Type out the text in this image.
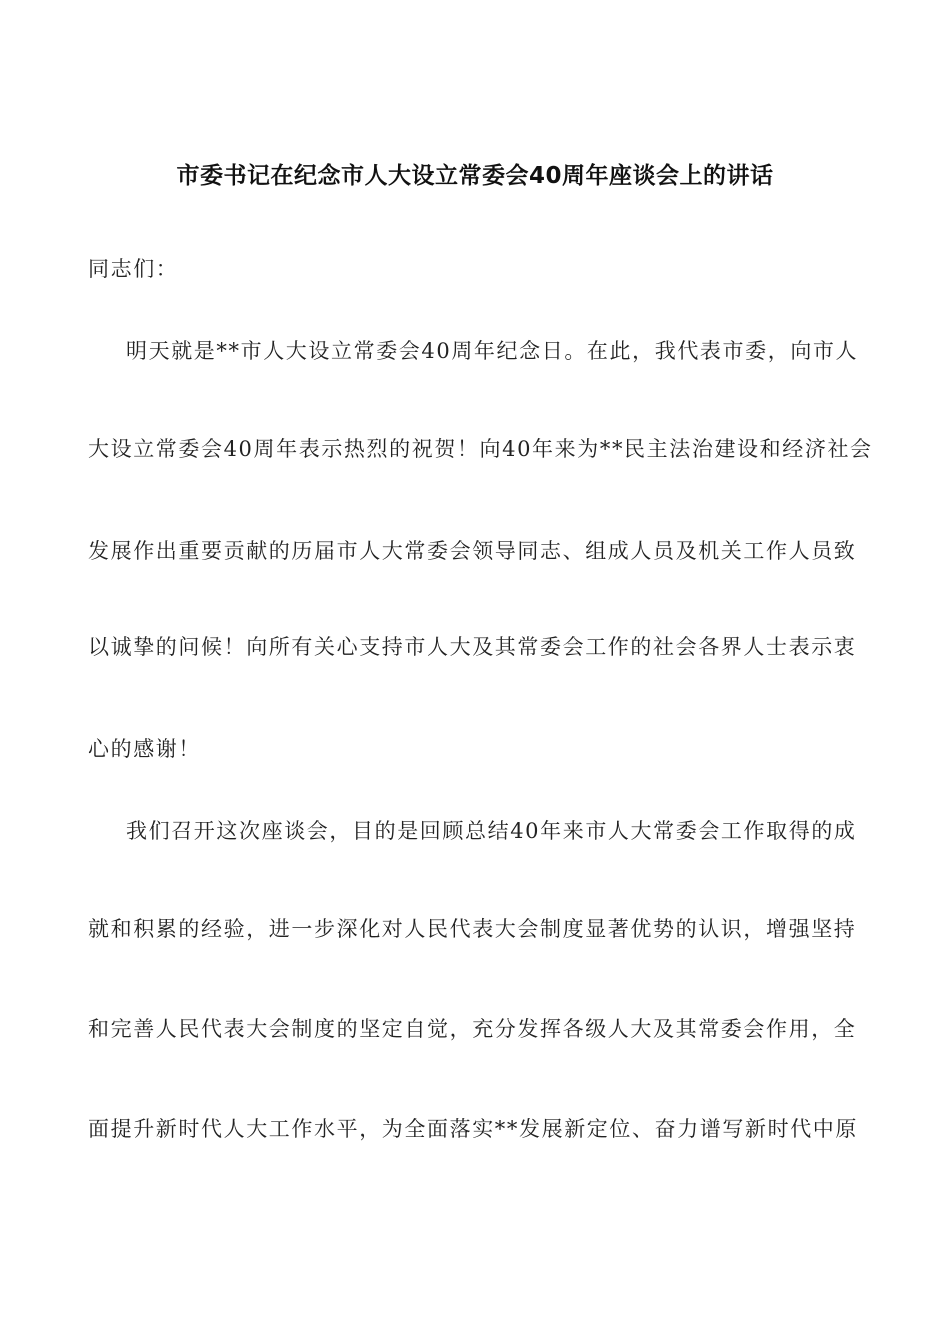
市委书记在纪念市人大设立常委会40周年座谈会上的讲话
同志们：
明天就是**市人大设立常委会40周年纪念日。在此，我代表市委，向市人
大设立常委会40周年表示热烈的祝贺！向40年来为**民主法治建设和经济社会
发展作出重要贡献的历届市人大常委会领导同志、组成人员及机关工作人员致
以诚挚的问候！向所有关心支持市人大及其常委会工作的社会各界人士表示衷
心的感谢！
我们召开这次座谈会，目的是回顾总结40年来市人大常委会工作取得的成
就和积累的经验，进一步深化对人民代表大会制度显著优势的认识，增强坚持
和完善人民代表大会制度的坚定自觉，充分发挥各级人大及其常委会作用，全
面提升新时代人大工作水平，为全面落实**发展新定位、奋力谱写新时代中原
